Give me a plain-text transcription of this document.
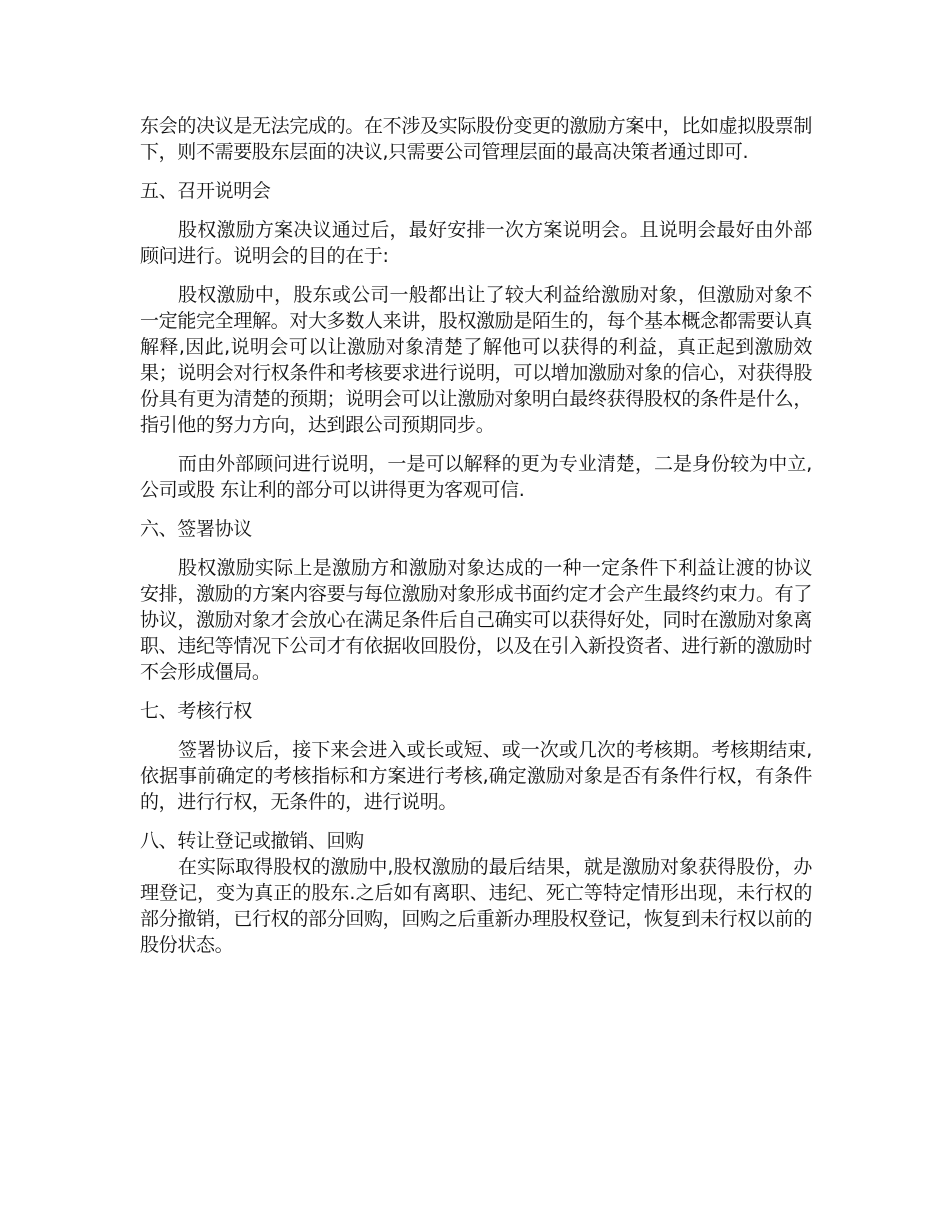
东会的决议是无法完成的。在不涉及实际股份变更的激励方案中，比如虚拟股票制下，则不需要股东层面的决议,只需要公司管理层面的最高决策者通过即可.

五、召开说明会

股权激励方案决议通过后，最好安排一次方案说明会。且说明会最好由外部顾问进行。说明会的目的在于:

股权激励中，股东或公司一般都出让了较大利益给激励对象，但激励对象不一定能完全理解。对大多数人来讲，股权激励是陌生的，每个基本概念都需要认真解释,因此,说明会可以让激励对象清楚了解他可以获得的利益，真正起到激励效果；说明会对行权条件和考核要求进行说明，可以增加激励对象的信心，对获得股份具有更为清楚的预期；说明会可以让激励对象明白最终获得股权的条件是什么，指引他的努力方向，达到跟公司预期同步。

而由外部顾问进行说明，一是可以解释的更为专业清楚，二是身份较为中立,公司或股 东让利的部分可以讲得更为客观可信.

六、签署协议

股权激励实际上是激励方和激励对象达成的一种一定条件下利益让渡的协议安排，激励的方案内容要与每位激励对象形成书面约定才会产生最终约束力。有了协议，激励对象才会放心在满足条件后自己确实可以获得好处，同时在激励对象离职、违纪等情况下公司才有依据收回股份，以及在引入新投资者、进行新的激励时不会形成僵局。

七、考核行权

签署协议后，接下来会进入或长或短、或一次或几次的考核期。考核期结束,依据事前确定的考核指标和方案进行考核,确定激励对象是否有条件行权，有条件的，进行行权，无条件的，进行说明。

八、转让登记或撤销、回购

在实际取得股权的激励中,股权激励的最后结果，就是激励对象获得股份，办理登记，变为真正的股东.之后如有离职、违纪、死亡等特定情形出现，未行权的部分撤销，已行权的部分回购，回购之后重新办理股权登记，恢复到未行权以前的股份状态。
